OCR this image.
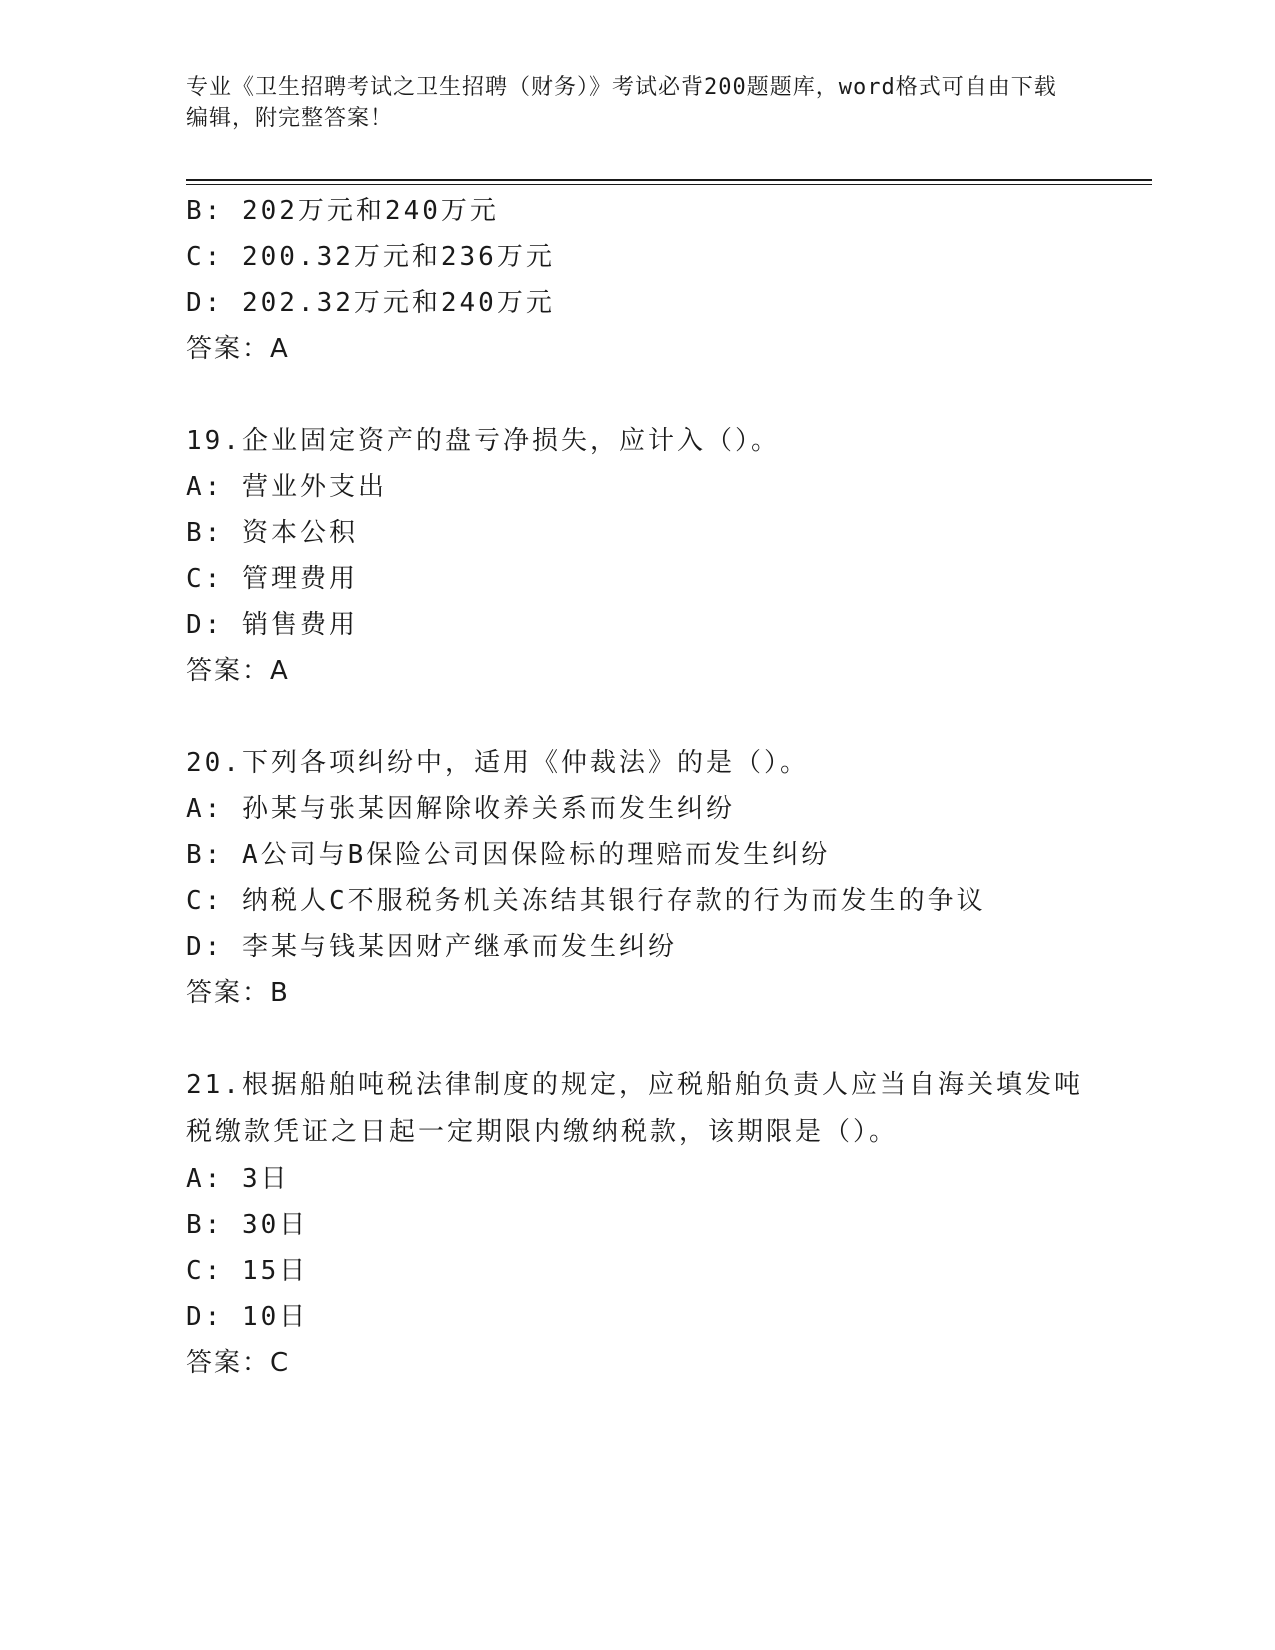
专业《卫生招聘考试之卫生招聘（财务）》考试必背200题题库，word格式可自由下载编辑，附完整答案！
B: 202万元和240万元
C: 200.32万元和236万元
D: 202.32万元和240万元
答案：A
19.企业固定资产的盘亏净损失，应计入（）。
A: 营业外支出
B: 资本公积
C: 管理费用
D: 销售费用
答案：A
20.下列各项纠纷中，适用《仲裁法》的是（）。
A: 孙某与张某因解除收养关系而发生纠纷
B: A公司与B保险公司因保险标的理赔而发生纠纷
C: 纳税人C不服税务机关冻结其银行存款的行为而发生的争议
D: 李某与钱某因财产继承而发生纠纷
答案：B
21.根据船舶吨税法律制度的规定，应税船舶负责人应当自海关填发吨税缴款凭证之日起一定期限内缴纳税款，该期限是（）。
A: 3日
B: 30日
C: 15日
D: 10日
答案：C
